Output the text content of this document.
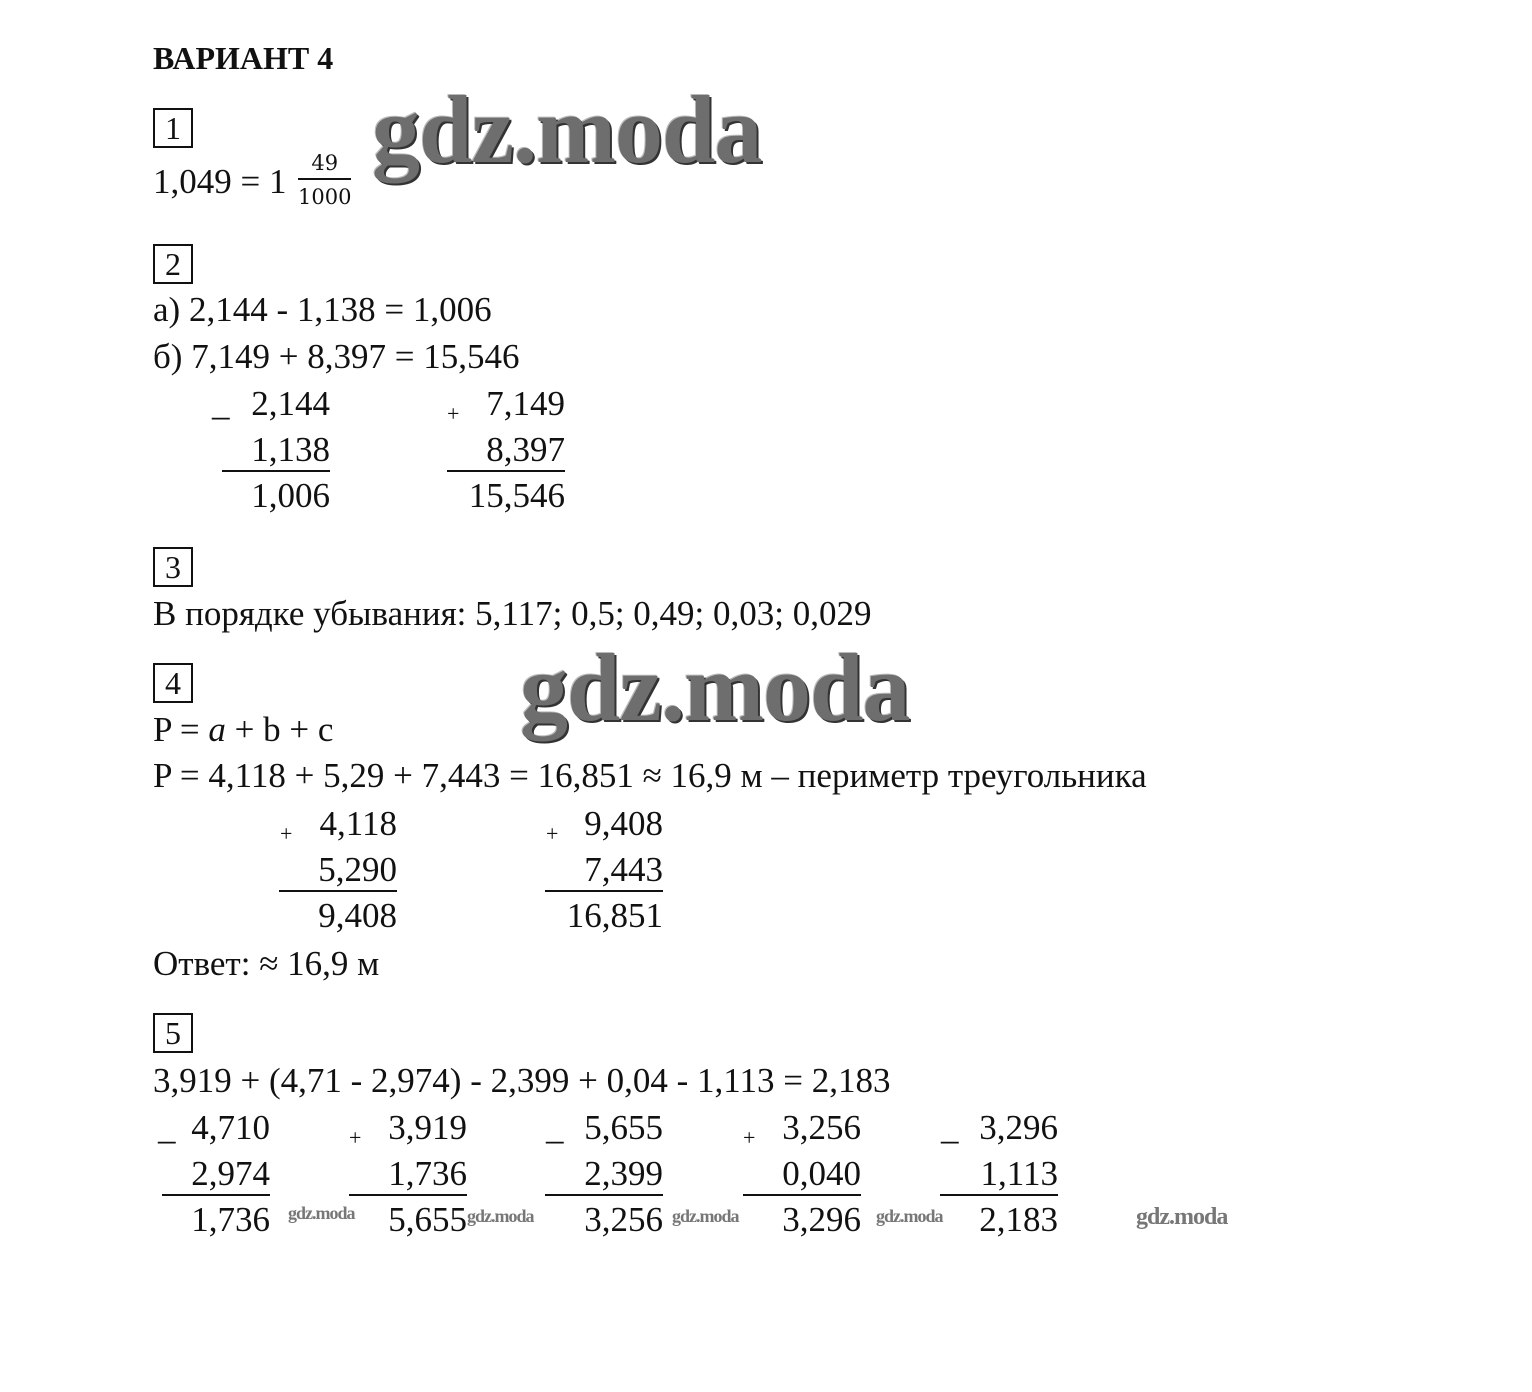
ВАРИАНТ 4
gdz.moda
gdz.moda
1
$1,049 = 1 \frac{49}{1000}$
2
а) 2,144 - 1,138 = 1,006
б) 7,149 + 8,397 = 15,546
_ 2,144
1,138
1,006
+ 7,149
8,397
15,546
3
В порядке убывания: 5,117; 0,5; 0,49; 0,03; 0,029
4
P = a + b + c
P = 4,118 + 5,29 + 7,443 = 16,851 ≈ 16,9 м – периметр треугольника
+ 4,118
5,290
9,408
+ 9,408
7,443
16,851
Ответ: ≈ 16,9 м
5
3,919 + (4,71 - 2,974) - 2,399 + 0,04 - 1,113 = 2,183
_ 4,710
2,974
1,736
+ 3,919
1,736
5,655
_ 5,655
2,399
3,256
+ 3,256
0,040
3,296
_ 3,296
1,113
2,183
gdz.moda	gdz.moda	gdz.moda	gdz.moda	gdz.moda
